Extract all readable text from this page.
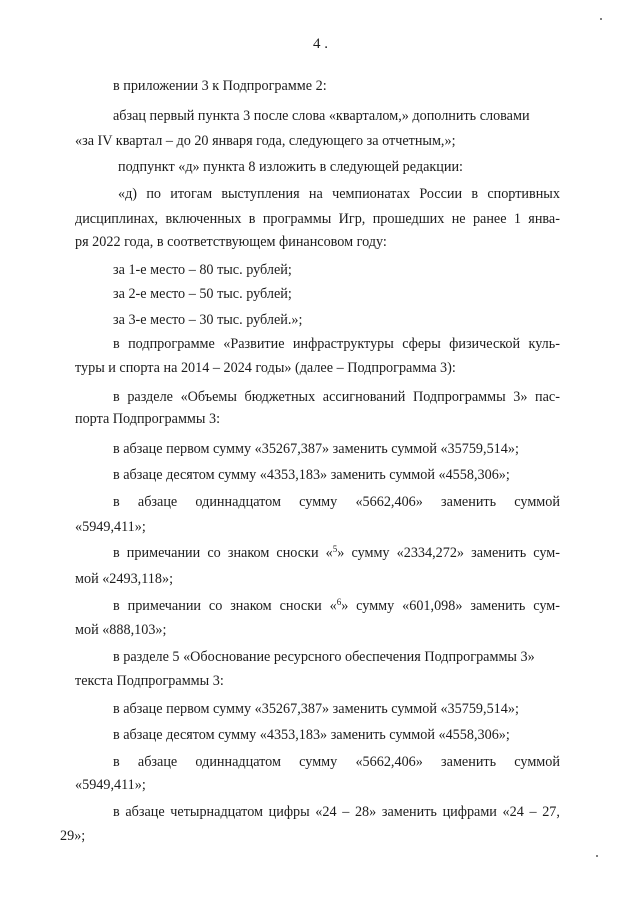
4 .
в приложении 3 к Подпрограмме 2:
абзац первый пункта 3 после слова «кварталом,» дополнить словами
«за IV квартал – до 20 января года, следующего за отчетным,»;
подпункт «д» пункта 8 изложить в следующей редакции:
«д) по итогам выступления на чемпионатах России в спортивных
дисциплинах, включенных в программы Игр, прошедших не ранее 1 янва-
ря 2022 года, в соответствующем финансовом году:
за 1-е место – 80 тыс. рублей;
за 2-е место – 50 тыс. рублей;
за 3-е место – 30 тыс. рублей.»;
в подпрограмме «Развитие инфраструктуры сферы физической куль-
туры и спорта на 2014 – 2024 годы» (далее – Подпрограмма 3):
в разделе «Объемы бюджетных ассигнований Подпрограммы 3» пас-
порта Подпрограммы 3:
в абзаце первом сумму «35267,387» заменить суммой «35759,514»;
в абзаце десятом сумму «4353,183» заменить суммой «4558,306»;
в абзаце одиннадцатом сумму «5662,406» заменить суммой
«5949,411»;
в примечании со знаком сноски «$^5$» сумму «2334,272» заменить сум-
мой «2493,118»;
в примечании со знаком сноски «$^6$» сумму «601,098» заменить сум-
мой «888,103»;
в разделе 5 «Обоснование ресурсного обеспечения Подпрограммы 3»
текста Подпрограммы 3:
в абзаце первом сумму «35267,387» заменить суммой «35759,514»;
в абзаце десятом сумму «4353,183» заменить суммой «4558,306»;
в абзаце одиннадцатом сумму «5662,406» заменить суммой
«5949,411»;
в абзаце четырнадцатом цифры «24 – 28» заменить цифрами «24 – 27,
29»;
